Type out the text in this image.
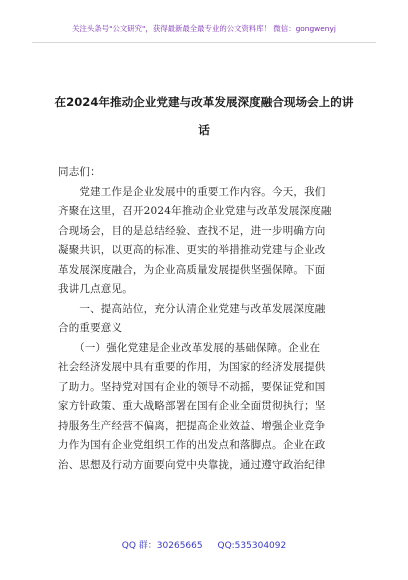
关注头条号"公文研究"，获得最新最全最专业的公文资料库！ 微信：gongwenyj
在2024年推动企业党建与改革发展深度融合现场会上的讲
话

同志们：

　　党建工作是企业发展中的重要工作内容。今天，我们

齐聚在这里，召开2024年推动企业党建与改革发展深度融

合现场会，目的是总结经验、查找不足，进一步明确方向

凝聚共识，以更高的标准、更实的举措推动党建与企业改

革发展深度融合，为企业高质量发展提供坚强保障。下面

我讲几点意见。

　　一、提高站位，充分认清企业党建与改革发展深度融

合的重要意义

　　（一）强化党建是企业改革发展的基础保障。企业在

社会经济发展中具有重要的作用，为国家的经济发展提供

了助力。坚持党对国有企业的领导不动摇，要保证党和国

家方针政策、重大战略部署在国有企业全面贯彻执行；坚

持服务生产经营不偏离，把提高企业效益、增强企业竞争

力作为国有企业党组织工作的出发点和落脚点。企业在政

治、思想及行动方面要向党中央靠拢，通过遵守政治纪律

QQ 群：30265665 QQ:535304092
